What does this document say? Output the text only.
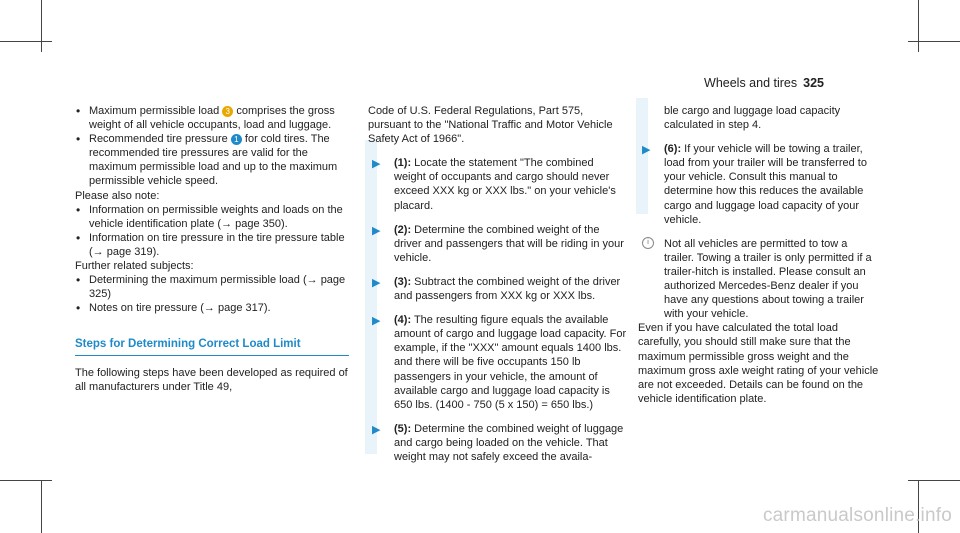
Wheels and tires 325
• Maximum permissible load 3 comprises the gross weight of all vehicle occupants, load and luggage.
• Recommended tire pressure 1 for cold tires. The recommended tire pressures are valid for the maximum permissible load and up to the maximum permissible vehicle speed.

Please also note:

• Information on permissible weights and loads on the vehicle identification plate (→ page 350).
• Information on tire pressure in the tire pressure table (→ page 319).

Further related subjects:

• Determining the maximum permissible load (→ page 325)
• Notes on tire pressure (→ page 317).
Steps for Determining Correct Load Limit

The following steps have been developed as required of all manufacturers under Title 49,

Code of U.S. Federal Regulations, Part 575, pursuant to the "National Traffic and Motor Vehicle Safety Act of 1966".

▶ (1): Locate the statement "The combined weight of occupants and cargo should never exceed XXX kg or XXX lbs." on your vehicle's placard.
▶ (2): Determine the combined weight of the driver and passengers that will be riding in your vehicle.
▶ (3): Subtract the combined weight of the driver and passengers from XXX kg or XXX lbs.
▶ (4): The resulting figure equals the available amount of cargo and luggage load capacity. For example, if the "XXX" amount equals 1400 lbs. and there will be five occupants 150 lb passengers in your vehicle, the amount of available cargo and luggage load capacity is 650 lbs. (1400 - 750 (5 x 150) = 650 lbs.)
▶ (5): Determine the combined weight of luggage and cargo being loaded on the vehicle. That weight may not safely exceed the availa-

ble cargo and luggage load capacity calculated in step 4.

▶ (6): If your vehicle will be towing a trailer, load from your trailer will be transferred to your vehicle. Consult this manual to determine how this reduces the available cargo and luggage load capacity of your vehicle.
i	Not all vehicles are permitted to tow a trailer. Towing a trailer is only permitted if a trailer-hitch is installed. Please consult an authorized Mercedes-Benz dealer if you have any questions about towing a trailer with your vehicle.

Even if you have calculated the total load carefully, you should still make sure that the maximum permissible gross weight and the maximum gross axle weight rating of your vehicle are not exceeded. Details can be found on the vehicle identification plate.

carmanualsonline.info
